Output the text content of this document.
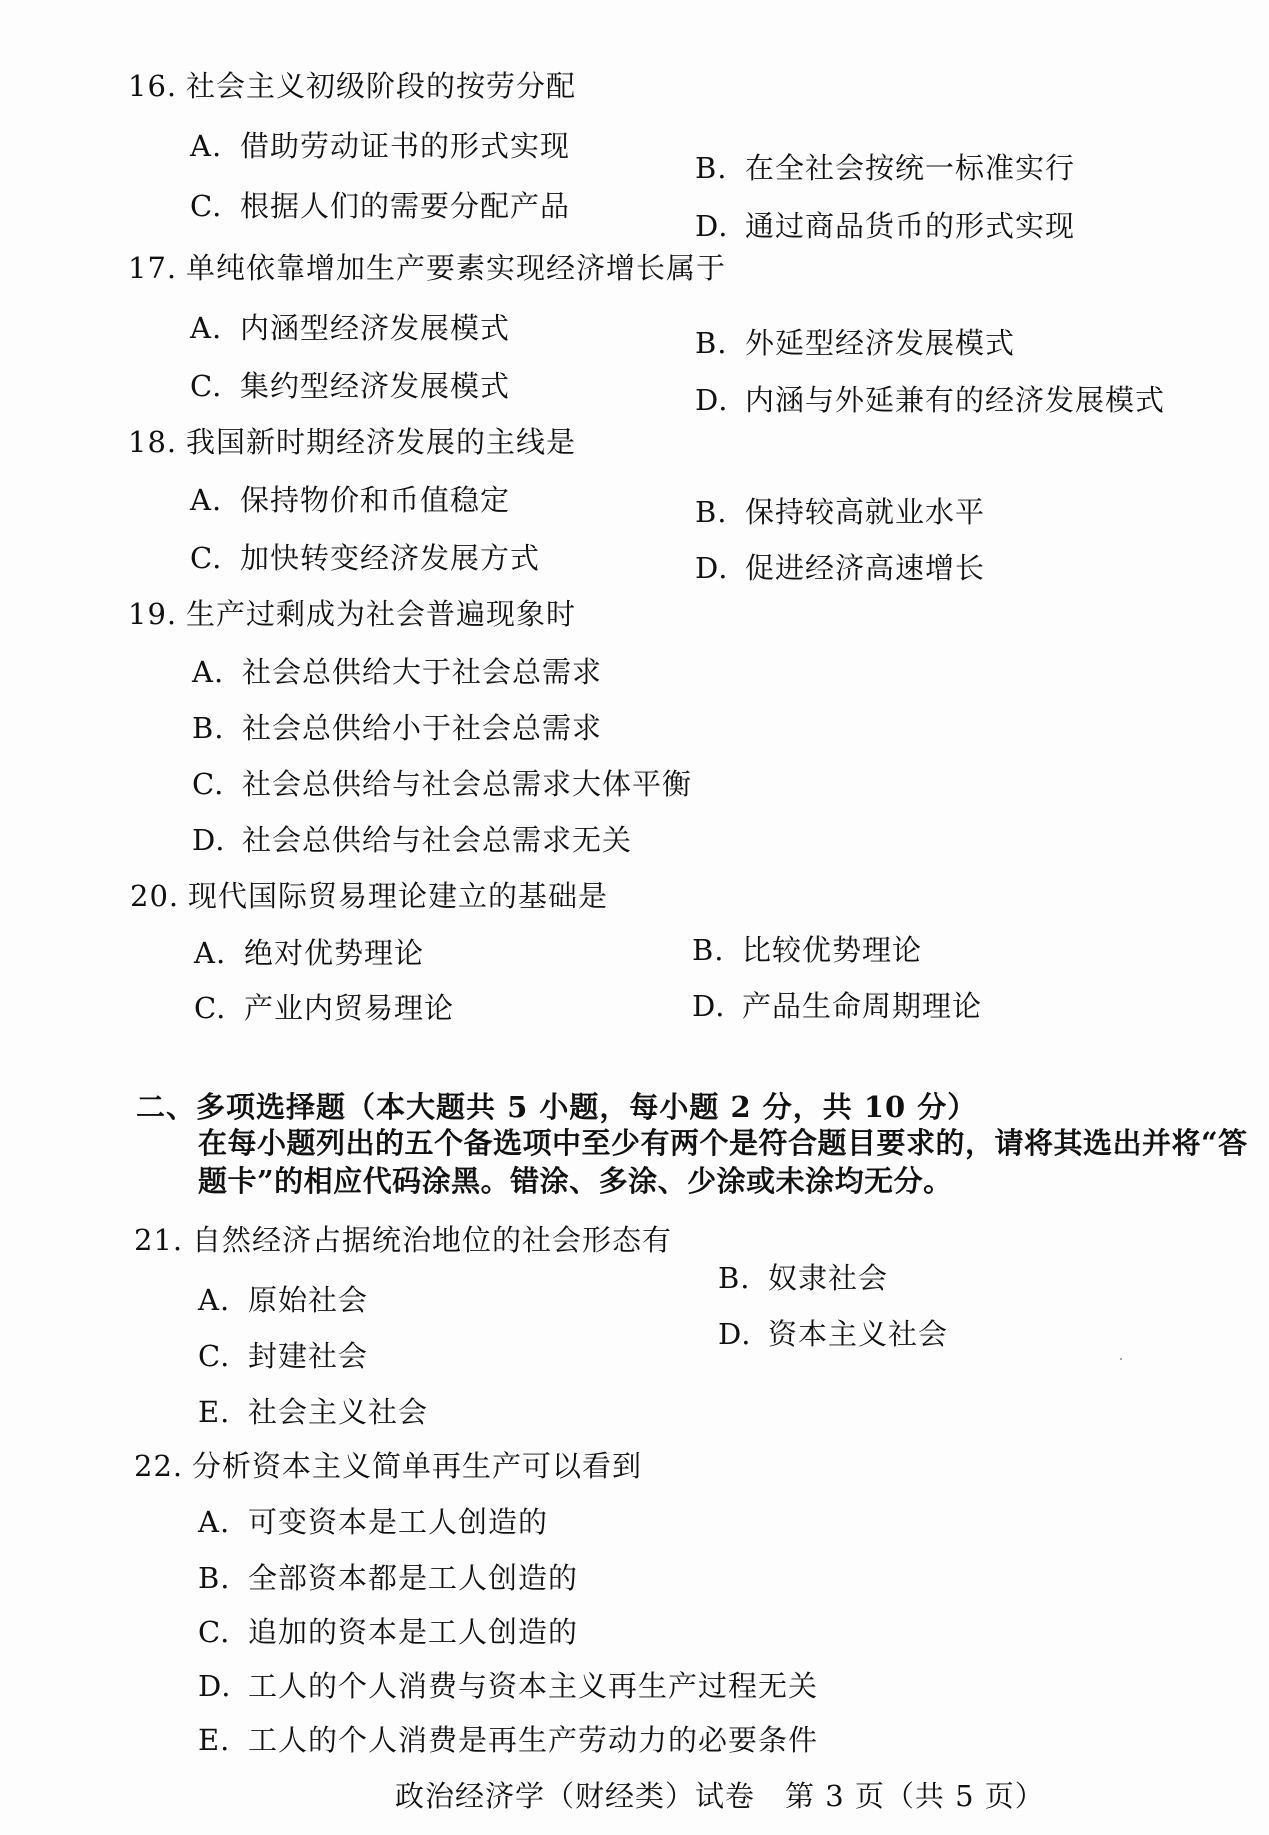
16. 社会主义初级阶段的按劳分配
A. 借助劳动证书的形式实现
B. 在全社会按统一标准实行
C. 根据人们的需要分配产品
D. 通过商品货币的形式实现
17. 单纯依靠增加生产要素实现经济增长属于
A. 内涵型经济发展模式	B. 外延型经济发展模式
C. 集约型经济发展模式	D. 内涵与外延兼有的经济发展模式
18. 我国新时期经济发展的主线是
A. 保持物价和币值稳定	B. 保持较高就业水平
C. 加快转变经济发展方式	D. 促进经济高速增长
19. 生产过剩成为社会普遍现象时
A. 社会总供给大于社会总需求
B. 社会总供给小于社会总需求
C. 社会总供给与社会总需求大体平衡
D. 社会总供给与社会总需求无关
20. 现代国际贸易理论建立的基础是
A. 绝对优势理论	B. 比较优势理论
C. 产业内贸易理论	D. 产品生命周期理论
二、多项选择题（本大题共 5 小题，每小题 2 分，共 10 分）
在每小题列出的五个备选项中至少有两个是符合题目要求的，请将其选出并将“答
题卡”的相应代码涂黑。错涂、多涂、少涂或未涂均无分。
21. 自然经济占据统治地位的社会形态有
A. 原始社会
B. 奴隶社会
C. 封建社会
D. 资本主义社会
E. 社会主义社会
22. 分析资本主义简单再生产可以看到
A. 可变资本是工人创造的
B. 全部资本都是工人创造的
C. 追加的资本是工人创造的
D. 工人的个人消费与资本主义再生产过程无关
E. 工人的个人消费是再生产劳动力的必要条件
政治经济学（财经类）试卷　第 3 页（共 5 页）
